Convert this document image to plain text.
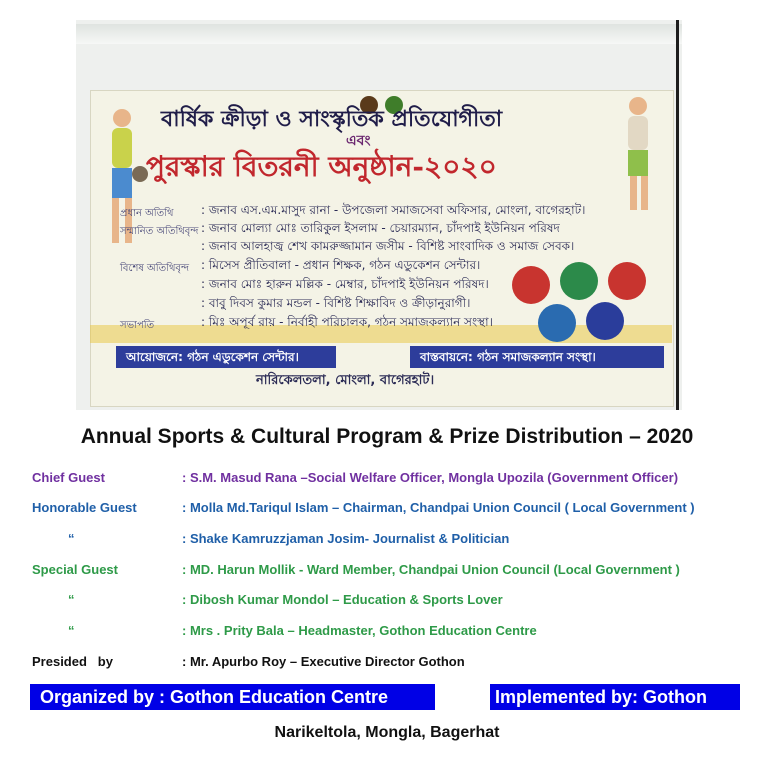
বার্ষিক ক্রীড়া ও সাংস্কৃতিক প্রতিযোগীতা
এবং
পুরস্কার বিতরনী অনুষ্ঠান-২০২০
প্রধান অতিথি : জনাব এস.এম.মাসুদ রানা - উপজেলা সমাজসেবা অফিসার, মোংলা, বাগেরহাট।
সম্মানিত অতিথিবৃন্দ : জনাব মোল্যা মোঃ তারিকুল ইসলাম - চেয়ারম্যান, চাঁদপাই ইউনিয়ন পরিষদ
: জনাব আলহাজ্ব শেখ কামরুজ্জামান জসীম - বিশিষ্ট সাংবাদিক ও সমাজ সেবক।
বিশেষ অতিথিবৃন্দ : মিসেস প্রীতিবালা - প্রধান শিক্ষক, গঠন এডুকেশন সেন্টার।
: জনাব মোঃ হারুন মল্লিক - মেম্বার, চাঁদপাই ইউনিয়ন পরিষদ।
: বাবু দিবস কুমার মন্ডল - বিশিষ্ট শিক্ষাবিদ ও ক্রীড়ানুরাগী।
সভাপতি	: মিঃ অপূর্ব রায় - নির্বাহী পরিচালক, গঠন সমাজকল্যান সংস্থা।
আয়োজনে: গঠন এডুকেশন সেন্টার।	বাস্তবায়নে: গঠন সমাজকল্যান সংস্থা।
নারিকেলতলা, মোংলা, বাগেরহাট।
Annual Sports & Cultural Program & Prize Distribution – 2020
Chief Guest	: S.M. Masud Rana –Social Welfare Officer, Mongla Upozila (Government Officer)
Honorable Guest	: Molla Md.Tariqul Islam – Chairman, Chandpai Union Council ( Local Government )
“	: Shake Kamruzzjaman Josim- Journalist & Politician
Special Guest	: MD. Harun Mollik - Ward Member, Chandpai Union Council (Local Government )
“	: Dibosh Kumar Mondol – Education & Sports Lover
“	: Mrs . Prity Bala – Headmaster, Gothon Education Centre
Presided   by	: Mr. Apurbo Roy – Executive Director Gothon
Organized by : Gothon Education Centre	Implemented by: Gothon
Narikeltola, Mongla, Bagerhat
